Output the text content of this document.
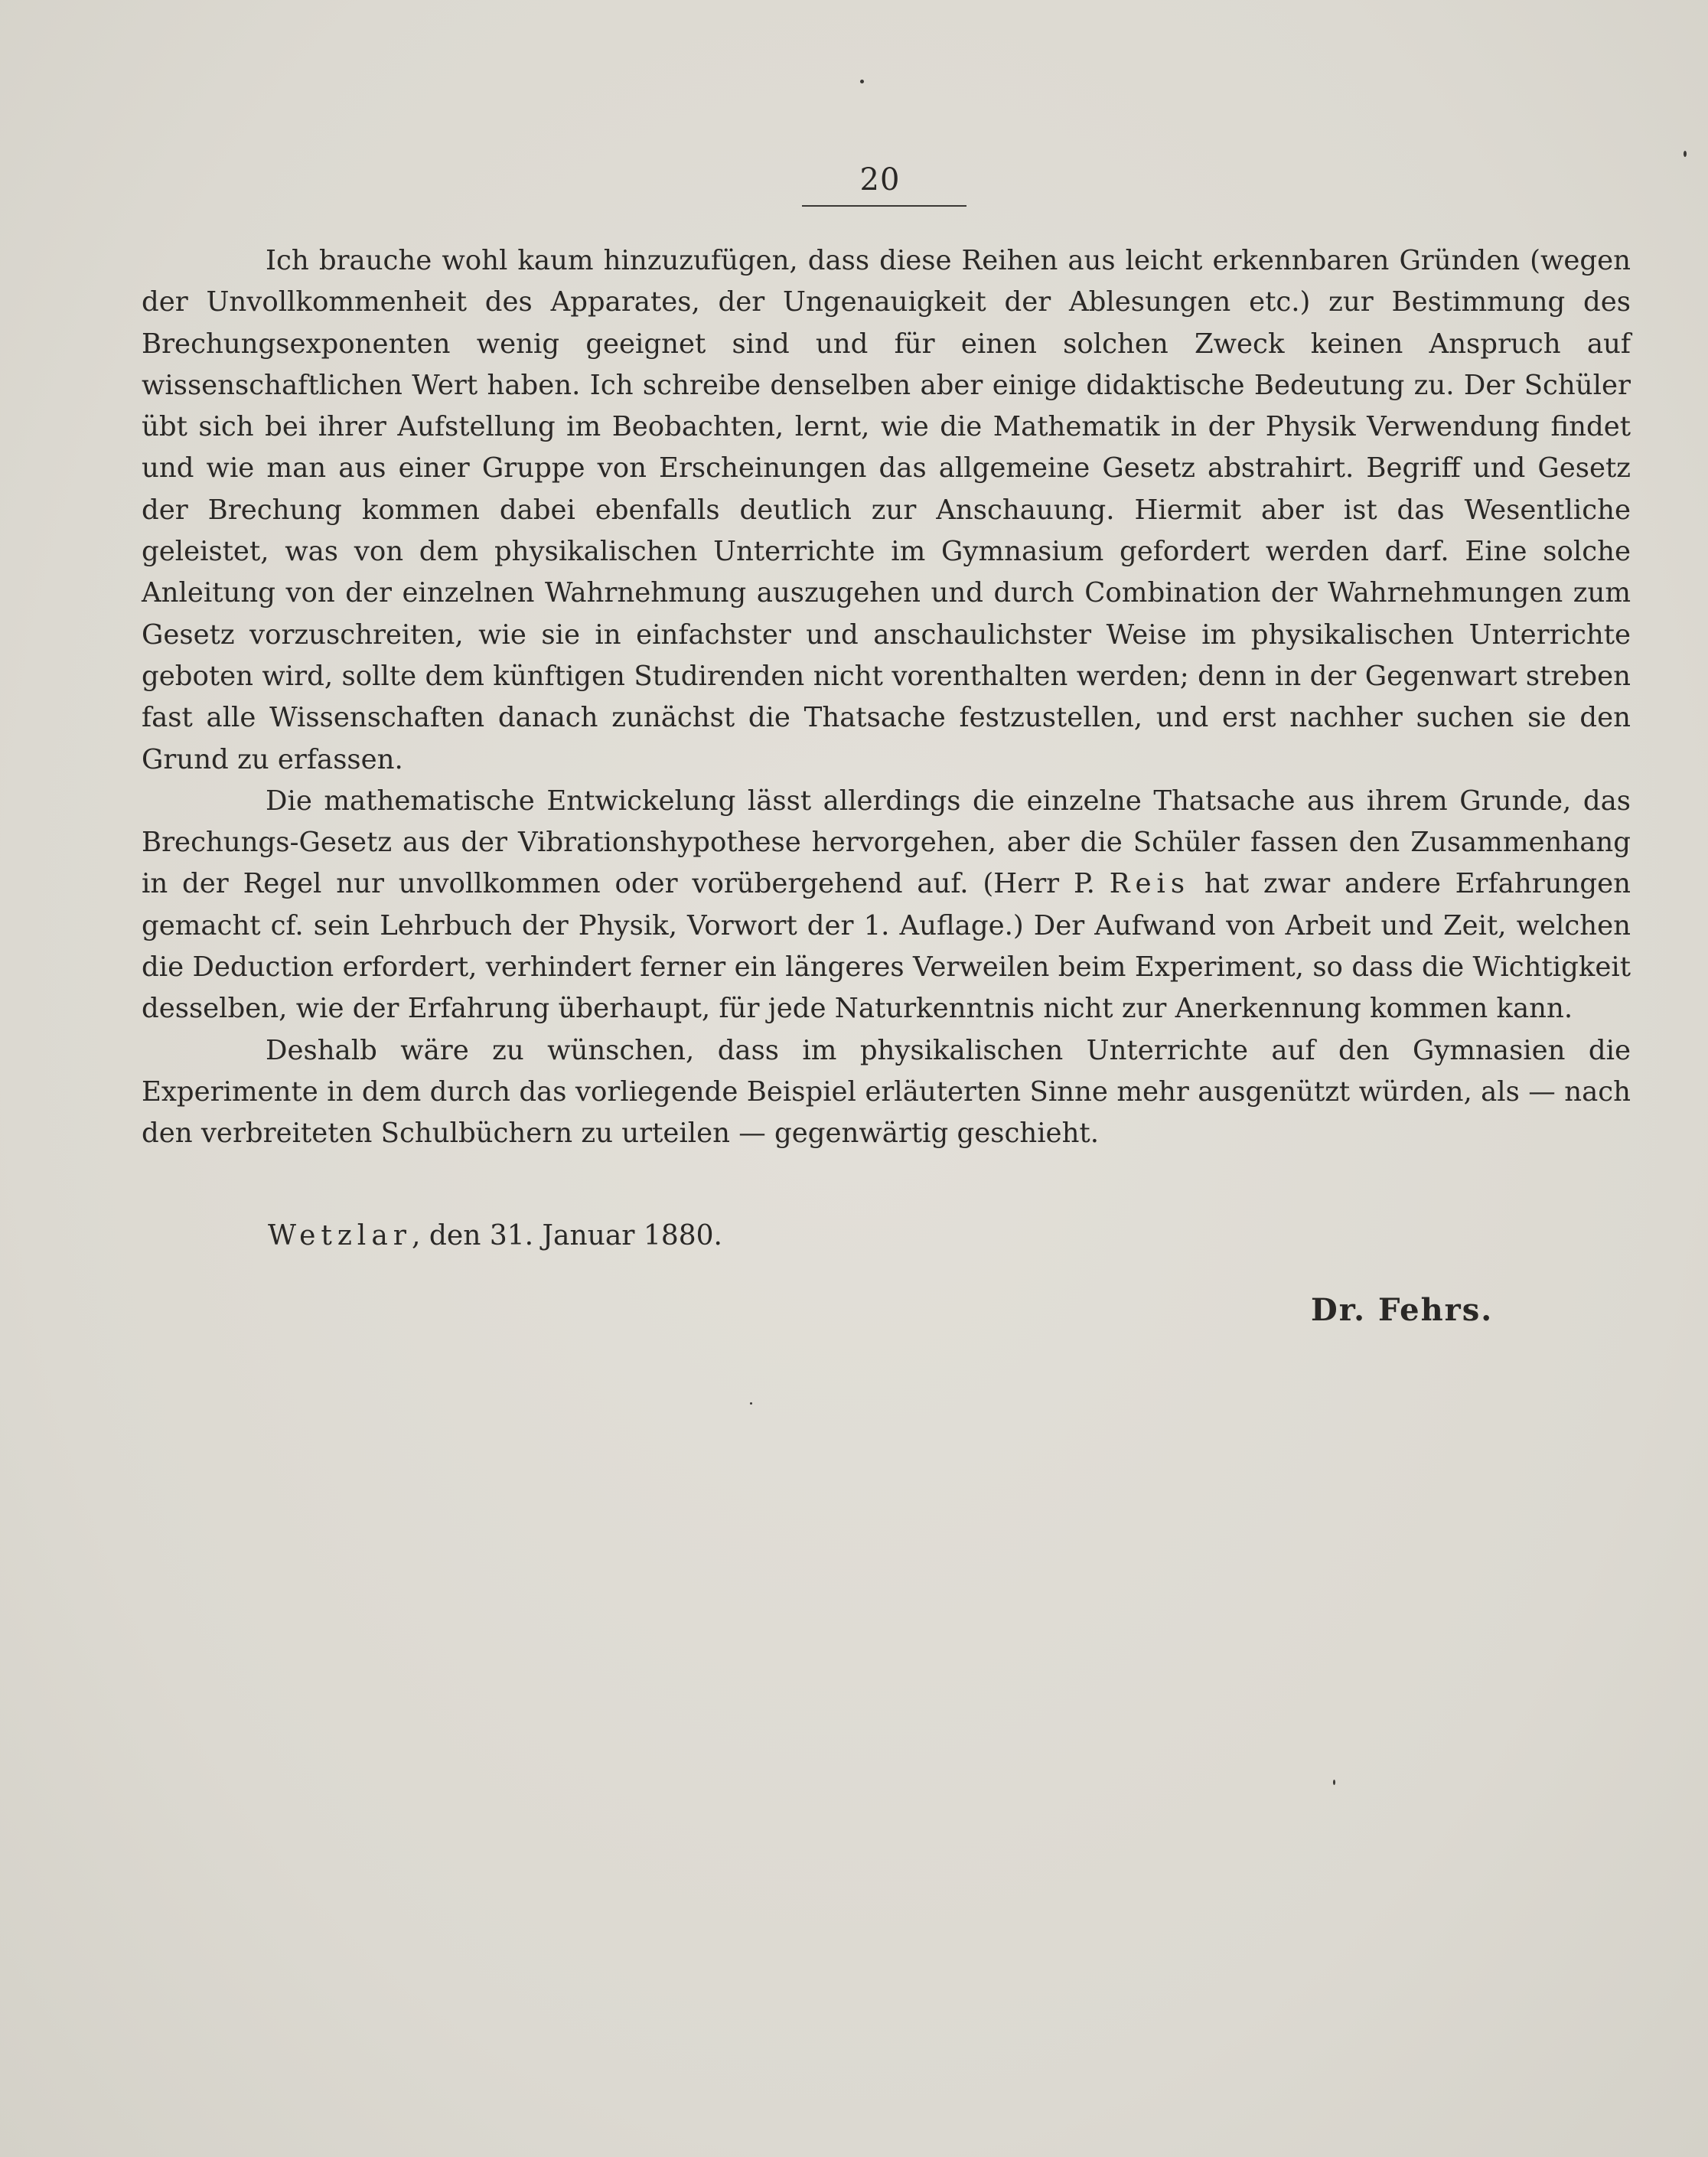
20

Ich brauche wohl kaum hinzuzufügen, dass diese Reihen aus leicht erkennbaren Gründen (wegen der Unvollkommenheit des Apparates, der Ungenauigkeit der Ablesungen etc.) zur Bestimmung des Brechungsexponenten wenig geeignet sind und für einen solchen Zweck keinen Anspruch auf wissenschaftlichen Wert haben. Ich schreibe denselben aber einige didaktische Bedeutung zu. Der Schüler übt sich bei ihrer Aufstellung im Beobachten, lernt, wie die Mathematik in der Physik Verwendung findet und wie man aus einer Gruppe von Erscheinungen das allgemeine Gesetz abstrahirt. Begriff und Gesetz der Brechung kommen dabei ebenfalls deutlich zur Anschauung. Hiermit aber ist das Wesentliche geleistet, was von dem physikalischen Unterrichte im Gymnasium gefordert werden darf. Eine solche Anleitung von der einzelnen Wahrnehmung auszugehen und durch Combination der Wahrnehmungen zum Gesetz vorzuschreiten, wie sie in einfachster und anschaulichster Weise im physikalischen Unterrichte geboten wird, sollte dem künftigen Studirenden nicht vorenthalten werden; denn in der Gegenwart streben fast alle Wissenschaften danach zunächst die Thatsache festzustellen, und erst nachher suchen sie den Grund zu erfassen.

Die mathematische Entwickelung lässt allerdings die einzelne Thatsache aus ihrem Grunde, das Brechungs-Gesetz aus der Vibrationshypothese hervorgehen, aber die Schüler fassen den Zusammenhang in der Regel nur unvollkommen oder vorübergehend auf. (Herr P. Reis hat zwar andere Erfahrungen gemacht cf. sein Lehrbuch der Physik, Vorwort der 1. Auflage.) Der Aufwand von Arbeit und Zeit, welchen die Deduction erfordert, verhindert ferner ein längeres Verweilen beim Experiment, so dass die Wichtigkeit desselben, wie der Erfahrung überhaupt, für jede Naturkenntnis nicht zur Anerkennung kommen kann.

Deshalb wäre zu wünschen, dass im physikalischen Unterrichte auf den Gymnasien die Experimente in dem durch das vorliegende Beispiel erläuterten Sinne mehr ausgenützt würden, als — nach den verbreiteten Schulbüchern zu urteilen — gegenwärtig geschieht.

Wetzlar, den 31. Januar 1880.
Dr. Fehrs.
